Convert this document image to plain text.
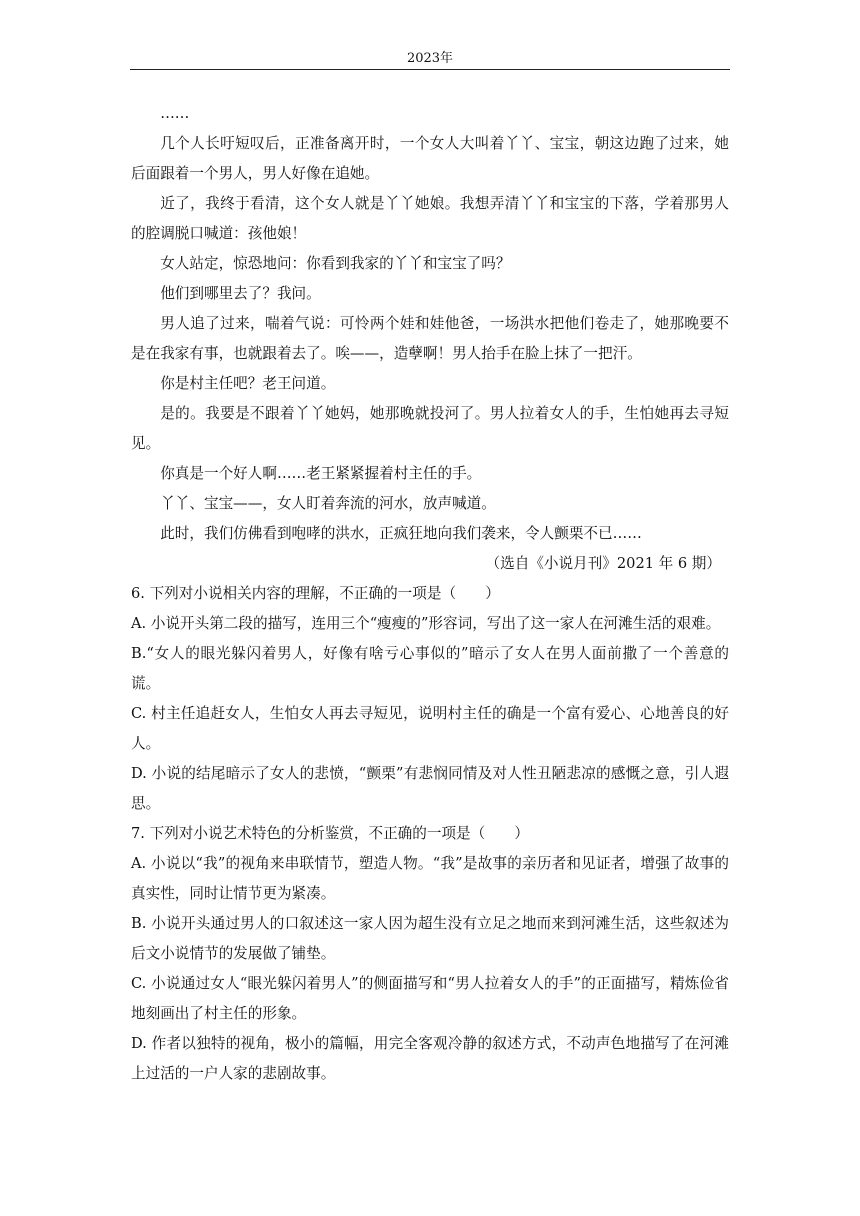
2023年

……

几个人长吁短叹后，正准备离开时，一个女人大叫着丫丫、宝宝，朝这边跑了过来，她后面跟着一个男人，男人好像在追她。

近了，我终于看清，这个女人就是丫丫她娘。我想弄清丫丫和宝宝的下落，学着那男人的腔调脱口喊道：孩他娘！

女人站定，惊恐地问：你看到我家的丫丫和宝宝了吗？

他们到哪里去了？我问。

男人追了过来，喘着气说：可怜两个娃和娃他爸，一场洪水把他们卷走了，她那晚要不是在我家有事，也就跟着去了。唉——，造孽啊！男人抬手在脸上抹了一把汗。

你是村主任吧？老王问道。

是的。我要是不跟着丫丫她妈，她那晚就投河了。男人拉着女人的手，生怕她再去寻短见。

你真是一个好人啊……老王紧紧握着村主任的手。

丫丫、宝宝——，女人盯着奔流的河水，放声喊道。

此时，我们仿佛看到咆哮的洪水，正疯狂地向我们袭来，令人颤栗不已……

（选自《小说月刊》2021 年 6 期）

6. 下列对小说相关内容的理解，不正确的一项是（　　）

A. 小说开头第二段的描写，连用三个“瘦瘦的”形容词，写出了这一家人在河滩生活的艰难。

B.“女人的眼光躲闪着男人，好像有啥亏心事似的”暗示了女人在男人面前撒了一个善意的谎。

C. 村主任追赶女人，生怕女人再去寻短见，说明村主任的确是一个富有爱心、心地善良的好人。

D. 小说的结尾暗示了女人的悲愤，“颤栗”有悲悯同情及对人性丑陋悲凉的感慨之意，引人遐思。

7. 下列对小说艺术特色的分析鉴赏，不正确的一项是（　　）

A. 小说以“我”的视角来串联情节，塑造人物。“我”是故事的亲历者和见证者，增强了故事的真实性，同时让情节更为紧凑。

B. 小说开头通过男人的口叙述这一家人因为超生没有立足之地而来到河滩生活，这些叙述为后文小说情节的发展做了铺垫。

C. 小说通过女人“眼光躲闪着男人”的侧面描写和“男人拉着女人的手”的正面描写，精炼俭省地刻画出了村主任的形象。

D. 作者以独特的视角，极小的篇幅，用完全客观冷静的叙述方式，不动声色地描写了在河滩上过活的一户人家的悲剧故事。
